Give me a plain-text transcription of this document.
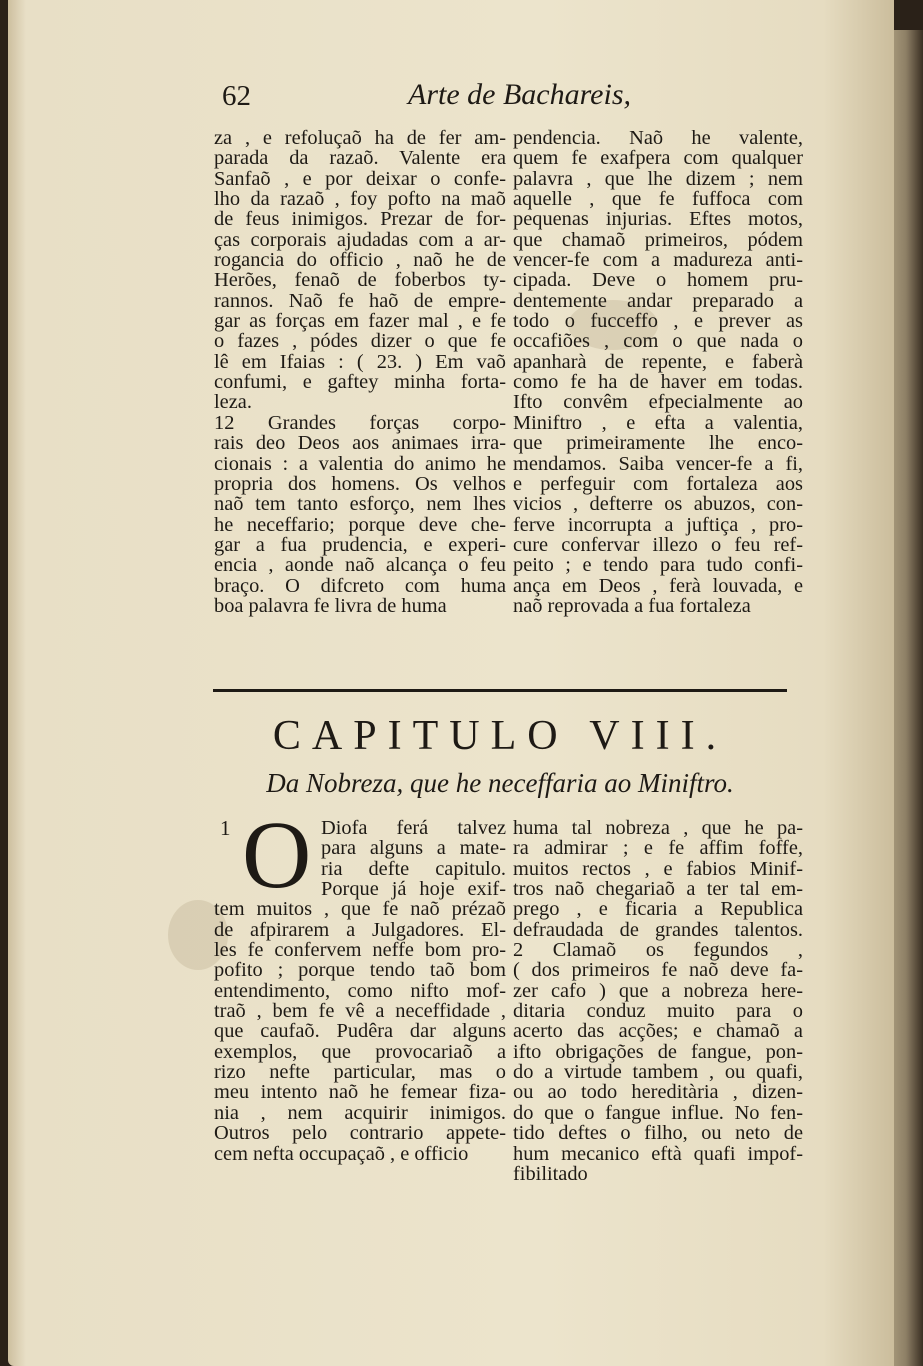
62	Arte de Bachareis,
za , e refoluçaõ ha de fer am-
parada da razaõ. Valente era
Sanfaõ , e por deixar o confe-
lho da razaõ , foy pofto na maõ
de feus inimigos. Prezar de for-
ças corporais ajudadas com a ar-
rogancia do officio , naõ he de
Herões, fenaõ de foberbos ty-
rannos. Naõ fe haõ de empre-
gar as forças em fazer mal , e fe
o fazes , pódes dizer o que fe
lê em Ifaias : ( 23. ) Em vaõ
confumi, e gaftey minha forta-
leza.
12 Grandes forças corpo-
rais deo Deos aos animaes irra-
cionais : a valentia do animo he
propria dos homens. Os velhos
naõ tem tanto esforço, nem lhes
he neceffario; porque deve che-
gar a fua prudencia, e experi-
encia , aonde naõ alcança o feu
braço. O difcreto com huma
boa palavra fe livra de huma
pendencia. Naõ he valente,
quem fe exafpera com qualquer
palavra , que lhe dizem ; nem
aquelle , que fe fuffoca com
pequenas injurias. Eftes motos,
que chamaõ primeiros, pódem
vencer-fe com a madureza anti-
cipada. Deve o homem pru-
dentemente andar preparado a
todo o fucceffo , e prever as
occafiões , com o que nada o
apanharà de repente, e faberà
como fe ha de haver em todas.
Ifto convêm efpecialmente ao
Miniftro , e efta a valentia,
que primeiramente lhe enco-
mendamos. Saiba vencer-fe a fi,
e perfeguir com fortaleza aos
vicios , defterre os abuzos, con-
ferve incorrupta a juftiça , pro-
cure confervar illezo o feu ref-
peito ; e tendo para tudo confi-
ança em Deos , ferà louvada, e
naõ reprovada a fua fortaleza
CAPITULO VIII.
Da Nobreza, que he neceffaria ao Miniftro.
1 O Diofa ferá talvez
para alguns a mate-
ria defte capitulo.
Porque já hoje exif-
tem muitos , que fe naõ prézaõ
de afpirarem a Julgadores. El-
les fe confervem neffe bom pro-
pofito ; porque tendo taõ bom
entendimento, como nifto mof-
traõ , bem fe vê a neceffidade ,
que caufaõ. Pudêra dar alguns
exemplos, que provocariaõ a
rizo nefte particular, mas o
meu intento naõ he femear fiza-
nia , nem acquirir inimigos.
Outros pelo contrario appete-
cem nefta occupaçaõ , e officio
huma tal nobreza , que he pa-
ra admirar ; e fe affim foffe,
muitos rectos , e fabios Minif-
tros naõ chegariaõ a ter tal em-
prego , e ficaria a Republica
defraudada de grandes talentos.
2 Clamaõ os fegundos ,
( dos primeiros fe naõ deve fa-
zer cafo ) que a nobreza here-
ditaria conduz muito para o
acerto das acções; e chamaõ a
ifto obrigações de fangue, pon-
do a virtude tambem , ou quafi,
ou ao todo hereditària , dizen-
do que o fangue influe. No fen-
tido deftes o filho, ou neto de
hum mecanico eftà quafi impof-
fibilitado
